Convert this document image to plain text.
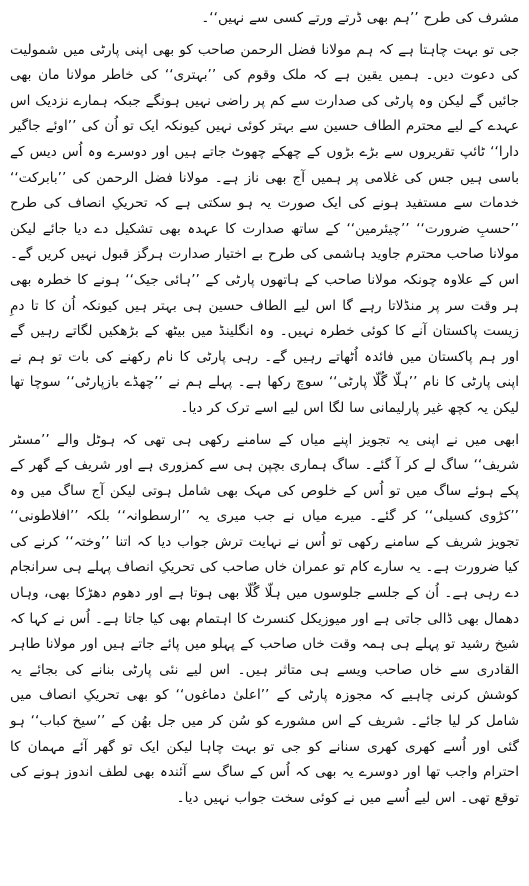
مشرف کی طرح ’’ہم بھی ڈرتے ورتے کسی سے نہیں‘‘۔

جی تو بہت چاہتا ہے کہ ہم مولانا فضل الرحمن صاحب کو بھی اپنی پارٹی میں شمولیت کی دعوت دیں۔ ہمیں یقین ہے کہ ملک وقوم کی ’’بہتری‘‘ کی خاطر مولانا مان بھی جائیں گے لیکن وہ پارٹی کی صدارت سے کم پر راضی نہیں ہونگے جبکہ ہمارے نزدیک اس عہدے کے لیے محترم الطاف حسین سے بہتر کوئی نہیں کیونکہ ایک تو اُن کی ’’اوئے جاگیر دارا‘‘ ٹائپ تقریروں سے بڑے بڑوں کے چھکے چھوٹ جاتے ہیں اور دوسرے وہ اُس دیس کے باسی ہیں جس کی غلامی پر ہمیں آج بھی ناز ہے۔ مولانا فضل الرحمن کی ’’بابرکت‘‘ خدمات سے مستفید ہونے کی ایک صورت یہ ہو سکتی ہے کہ تحریکِ انصاف کی طرح ’’حسبِ ضرورت‘‘ ’’چیئرمین‘‘ کے ساتھ صدارت کا عہدہ بھی تشکیل دے دیا جائے لیکن مولانا صاحب محترم جاوید ہاشمی کی طرح بے اختیار صدارت ہرگز قبول نہیں کریں گے۔ اس کے علاوہ چونکہ مولانا صاحب کے ہاتھوں پارٹی کے ’’ہائی جیک‘‘ ہونے کا خطرہ بھی ہر وقت سر پر منڈلاتا رہے گا اس لیے الطاف حسین ہی بہتر ہیں کیونکہ اُن کا تا دمِ زیست پاکستان آنے کا کوئی خطرہ نہیں۔ وہ انگلینڈ میں بیٹھ کے بڑھکیں لگاتے رہیں گے اور ہم پاکستان میں فائدہ اُٹھاتے رہیں گے۔ رہی پارٹی کا نام رکھنے کی بات تو ہم نے اپنی پارٹی کا نام ’’ہلّا گُلّا پارٹی‘‘ سوچ رکھا ہے۔ پہلے ہم نے ’’چھڈے بازپارٹی‘‘ سوچا تھا لیکن یہ کچھ غیر پارلیمانی سا لگا اس لیے اسے ترک کر دیا۔

ابھی میں نے اپنی یہ تجویز اپنے میاں کے سامنے رکھی ہی تھی کہ ہوٹل والے ’’مسٹر شریف‘‘ ساگ لے کر آ گئے۔ ساگ ہماری بچپن ہی سے کمزوری ہے اور شریف کے گھر کے پکے ہوئے ساگ میں تو اُس کے خلوص کی مہک بھی شامل ہوتی لیکن آج ساگ میں وہ ’’کڑوی کسیلی‘‘ کر گئے۔ میرے میاں نے جب میری یہ ’’ارسطوانہ‘‘ بلکہ ’’افلاطونی‘‘ تجویز شریف کے سامنے رکھی تو اُس نے نہایت ترش جواب دیا کہ اتنا ’’وختہ‘‘ کرنے کی کیا ضرورت ہے۔ یہ سارے کام تو عمران خاں صاحب کی تحریکِ انصاف پہلے ہی سرانجام دے رہی ہے۔ اُن کے جلسے جلوسوں میں ہلّا گُلّا بھی ہوتا ہے اور دھوم دھڑکا بھی، وہاں دھمال بھی ڈالی جاتی ہے اور میوزیکل کنسرٹ کا اہتمام بھی کیا جاتا ہے۔ اُس نے کہا کہ شیخ رشید تو پہلے ہی ہمہ وقت خاں صاحب کے پہلو میں پائے جاتے ہیں اور مولانا طاہر القادری سے خاں صاحب ویسے ہی متاثر ہیں۔ اس لیے نئی پارٹی بنانے کی بجائے یہ کوشش کرنی چاہیے کہ مجوزہ پارٹی کے ’’اعلیٰ دماغوں‘‘ کو بھی تحریکِ انصاف میں شامل کر لیا جائے۔ شریف کے اس مشورے کو سُن کر میں جل بھُن کے ’’سیخ کباب‘‘ ہو گئی اور اُسے کھری کھری سنانے کو جی تو بہت چاہا لیکن ایک تو گھر آئے مہمان کا احترام واجب تھا اور دوسرے یہ بھی کہ اُس کے ساگ سے آئندہ بھی لطف اندوز ہونے کی توقع تھی۔ اس لیے اُسے میں نے کوئی سخت جواب نہیں دیا۔
